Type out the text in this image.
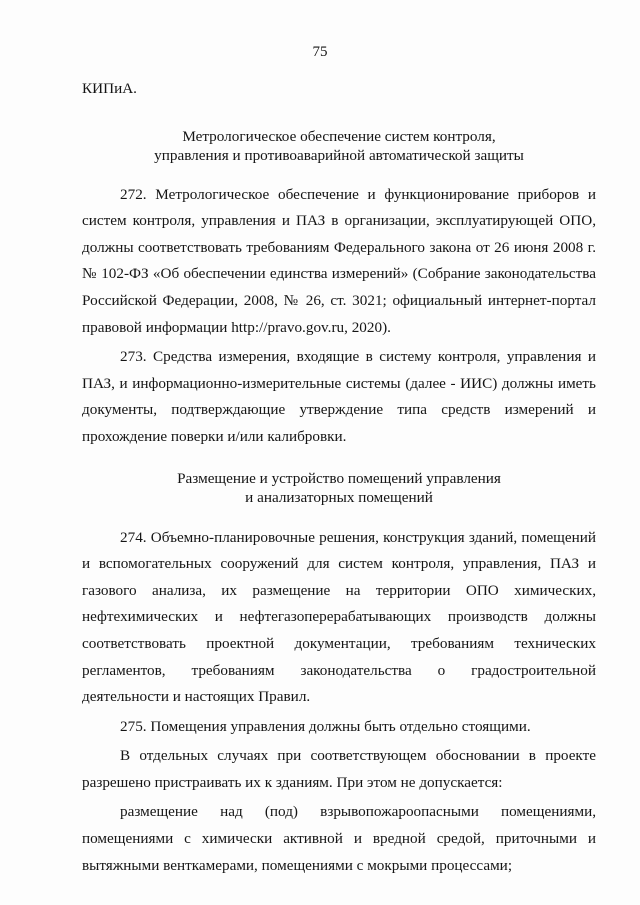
75

КИПиА.

Метрологическое обеспечение систем контроля,
управления и противоаварийной автоматической защиты

272. Метрологическое обеспечение и функционирование приборов и систем контроля, управления и ПАЗ в организации, эксплуатирующей ОПО, должны соответствовать требованиям Федерального закона от 26 июня 2008 г. № 102-ФЗ «Об обеспечении единства измерений» (Собрание законодательства Российской Федерации, 2008, № 26, ст. 3021; официальный интернет-портал правовой информации http://pravo.gov.ru, 2020).

273. Средства измерения, входящие в систему контроля, управления и ПАЗ, и информационно-измерительные системы (далее - ИИС) должны иметь документы, подтверждающие утверждение типа средств измерений и прохождение поверки и/или калибровки.

Размещение и устройство помещений управления
и анализаторных помещений

274. Объемно-планировочные решения, конструкция зданий, помещений и вспомогательных сооружений для систем контроля, управления, ПАЗ и газового анализа, их размещение на территории ОПО химических, нефтехимических и нефтегазоперерабатывающих производств должны соответствовать проектной документации, требованиям технических регламентов, требованиям законодательства о градостроительной деятельности и настоящих Правил.

275. Помещения управления должны быть отдельно стоящими.

В отдельных случаях при соответствующем обосновании в проекте разрешено пристраивать их к зданиям. При этом не допускается:

размещение над (под) взрывопожароопасными помещениями, помещениями с химически активной и вредной средой, приточными и вытяжными венткамерами, помещениями с мокрыми процессами;
